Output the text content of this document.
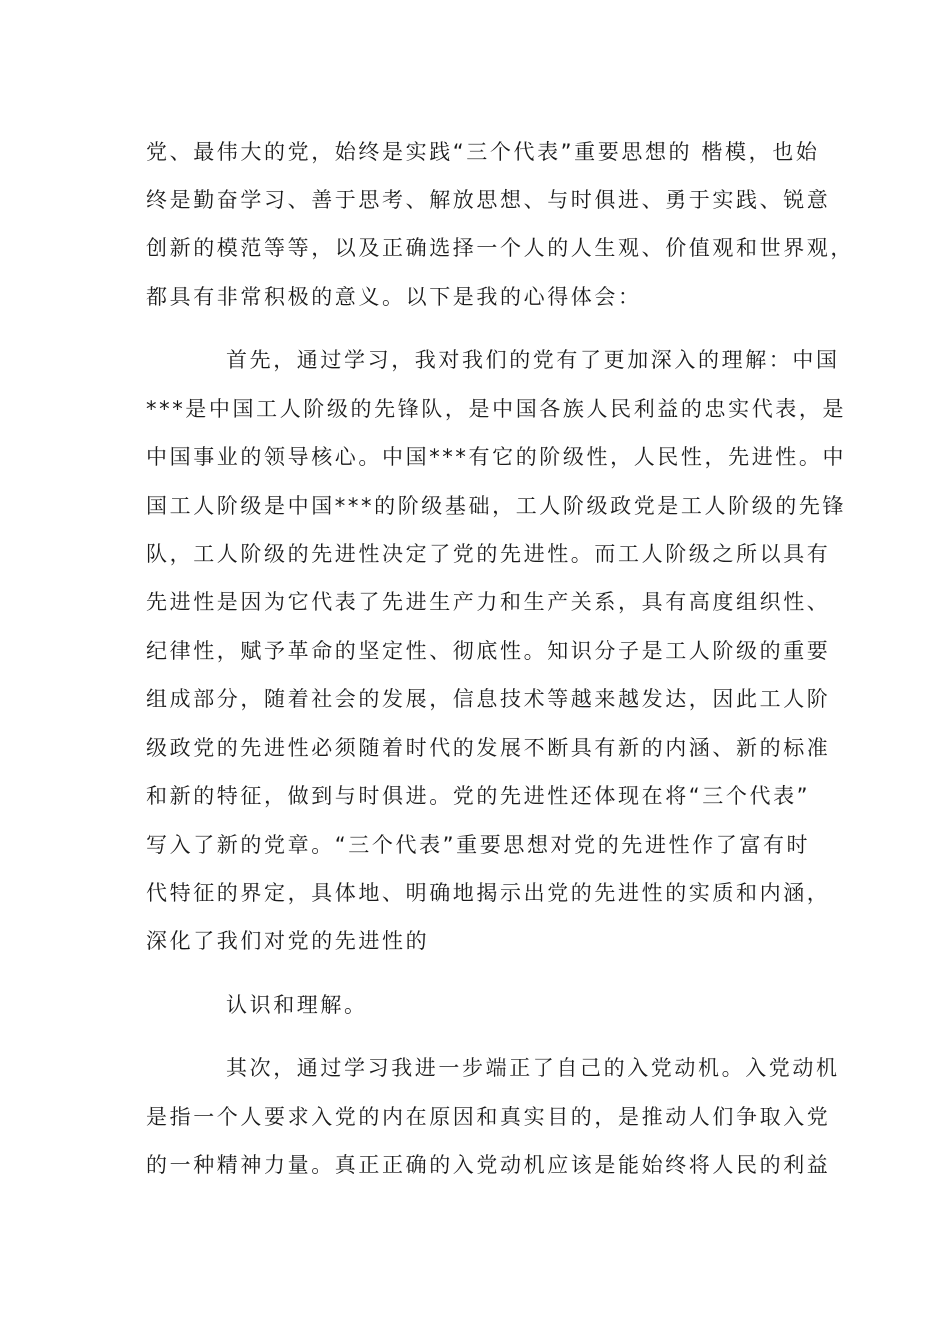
党、最伟大的党，始终是实践“三个代表”重要思想的 楷模，也始
终是勤奋学习、善于思考、解放思想、与时俱进、勇于实践、锐意
创新的模范等等，以及正确选择一个人的人生观、价值观和世界观，
都具有非常积极的意义。以下是我的心得体会：
首先，通过学习，我对我们的党有了更加深入的理解：中国
***是中国工人阶级的先锋队，是中国各族人民利益的忠实代表，是
中国事业的领导核心。中国***有它的阶级性，人民性，先进性。中
国工人阶级是中国***的阶级基础，工人阶级政党是工人阶级的先锋
队，工人阶级的先进性决定了党的先进性。而工人阶级之所以具有
先进性是因为它代表了先进生产力和生产关系，具有高度组织性、
纪律性，赋予革命的坚定性、彻底性。知识分子是工人阶级的重要
组成部分，随着社会的发展，信息技术等越来越发达，因此工人阶
级政党的先进性必须随着时代的发展不断具有新的内涵、新的标准
和新的特征，做到与时俱进。党的先进性还体现在将“三个代表”
写入了新的党章。“三个代表”重要思想对党的先进性作了富有时
代特征的界定，具体地、明确地揭示出党的先进性的实质和内涵，
深化了我们对党的先进性的
认识和理解。
其次，通过学习我进一步端正了自己的入党动机。入党动机
是指一个人要求入党的内在原因和真实目的，是推动人们争取入党
的一种精神力量。真正正确的入党动机应该是能始终将人民的利益
